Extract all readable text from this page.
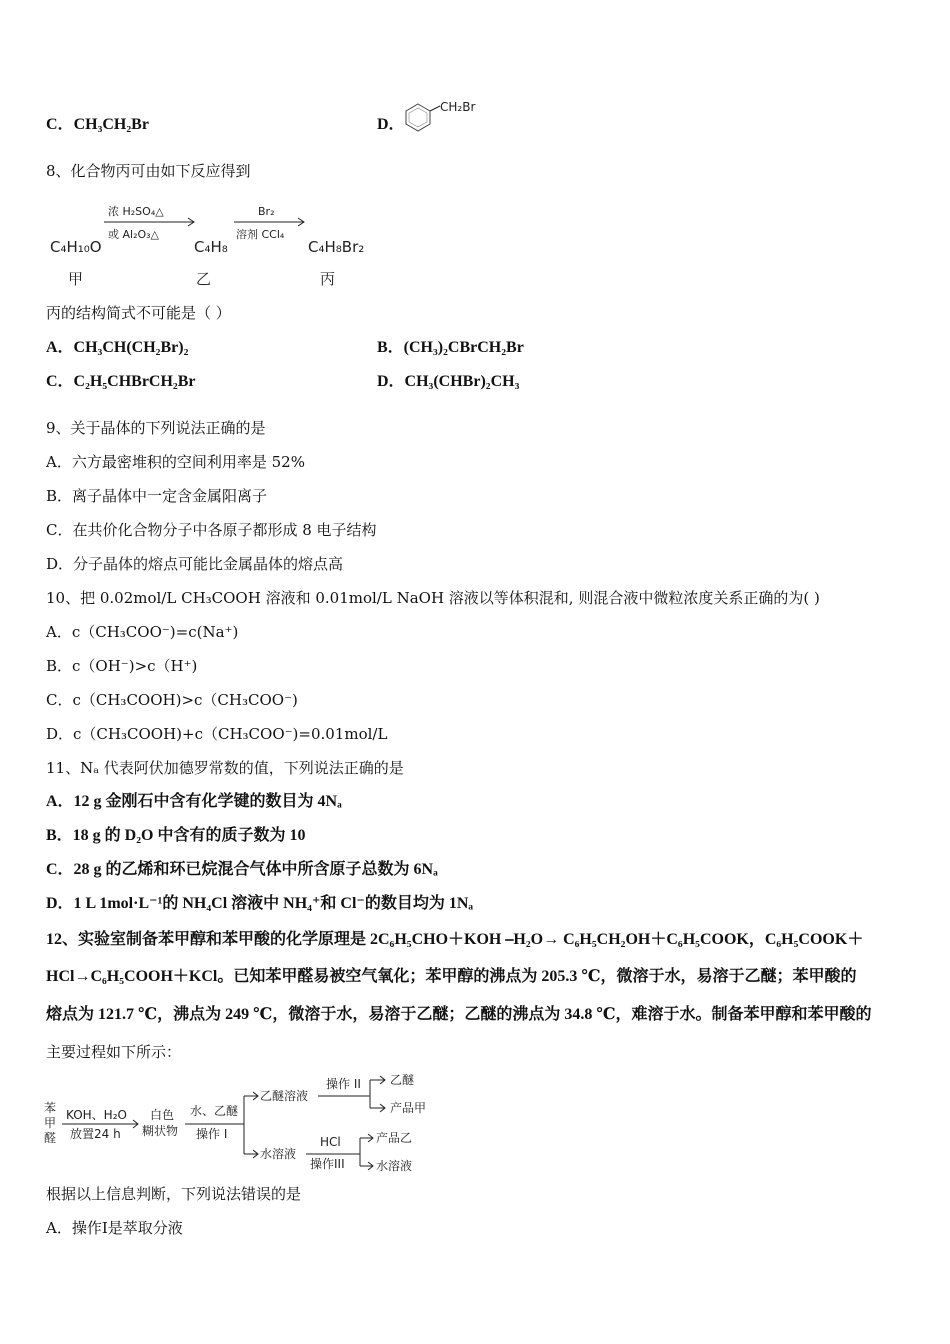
C．CH₃CH₂Br	D．
CH₂Br
8、化合物丙可由如下反应得到
C₄H₁₀O
甲
浓 H₂SO₄△
或 Al₂O₃△
C₄H₈
乙
Br₂
溶剂 CCl₄
C₄H₈Br₂
丙
丙的结构简式不可能是（ ）
A．CH₃CH(CH₂Br)₂	B．(CH₃)₂CBrCH₂Br
C．C₂H₅CHBrCH₂Br	D．CH₃(CHBr)₂CH₃
9、关于晶体的下列说法正确的是
A．六方最密堆积的空间利用率是 52%
B．离子晶体中一定含金属阳离子
C．在共价化合物分子中各原子都形成 8 电子结构
D．分子晶体的熔点可能比金属晶体的熔点高
10、把 0.02mol/L CH₃COOH 溶液和 0.01mol/L NaOH 溶液以等体积混和, 则混合液中微粒浓度关系正确的为( )
A．c（CH₃COO⁻)=c(Na⁺)
B．c（OH⁻)>c（H⁺)
C．c（CH₃COOH)>c（CH₃COO⁻)
D．c（CH₃COOH)+c（CH₃COO⁻)=0.01mol/L
11、Nₐ 代表阿伏加德罗常数的值，下列说法正确的是
A．12 g 金刚石中含有化学键的数目为 4Nₐ
B．18 g 的 D₂O 中含有的质子数为 10
C．28 g 的乙烯和环已烷混合气体中所含原子总数为 6Nₐ
D．1 L 1mol·L⁻¹的 NH₄Cl 溶液中 NH₄⁺和 Cl⁻的数目均为 1Nₐ
12、实验室制备苯甲醇和苯甲酸的化学原理是 2C₆H₅CHO＋KOH ⎯H₂O→ C₆H₅CH₂OH＋C₆H₅COOK，C₆H₅COOK＋
HCl→C₆H₅COOH＋KCl。已知苯甲醛易被空气氧化；苯甲醇的沸点为 205.3 ℃，微溶于水，易溶于乙醚；苯甲酸的
熔点为 121.7 ℃，沸点为 249 ℃，微溶于水，易溶于乙醚；乙醚的沸点为 34.8 ℃，难溶于水。制备苯甲醇和苯甲酸的
主要过程如下所示：
苯
甲
醛
KOH、H₂O
放置24 h
白色
糊状物
水、乙醚
操作 I
乙醚溶液
操作 II 乙醚
产品甲
水溶液
HCl
操作III
产品乙
水溶液
根据以上信息判断，下列说法错误的是
A．操作Ⅰ是萃取分液
